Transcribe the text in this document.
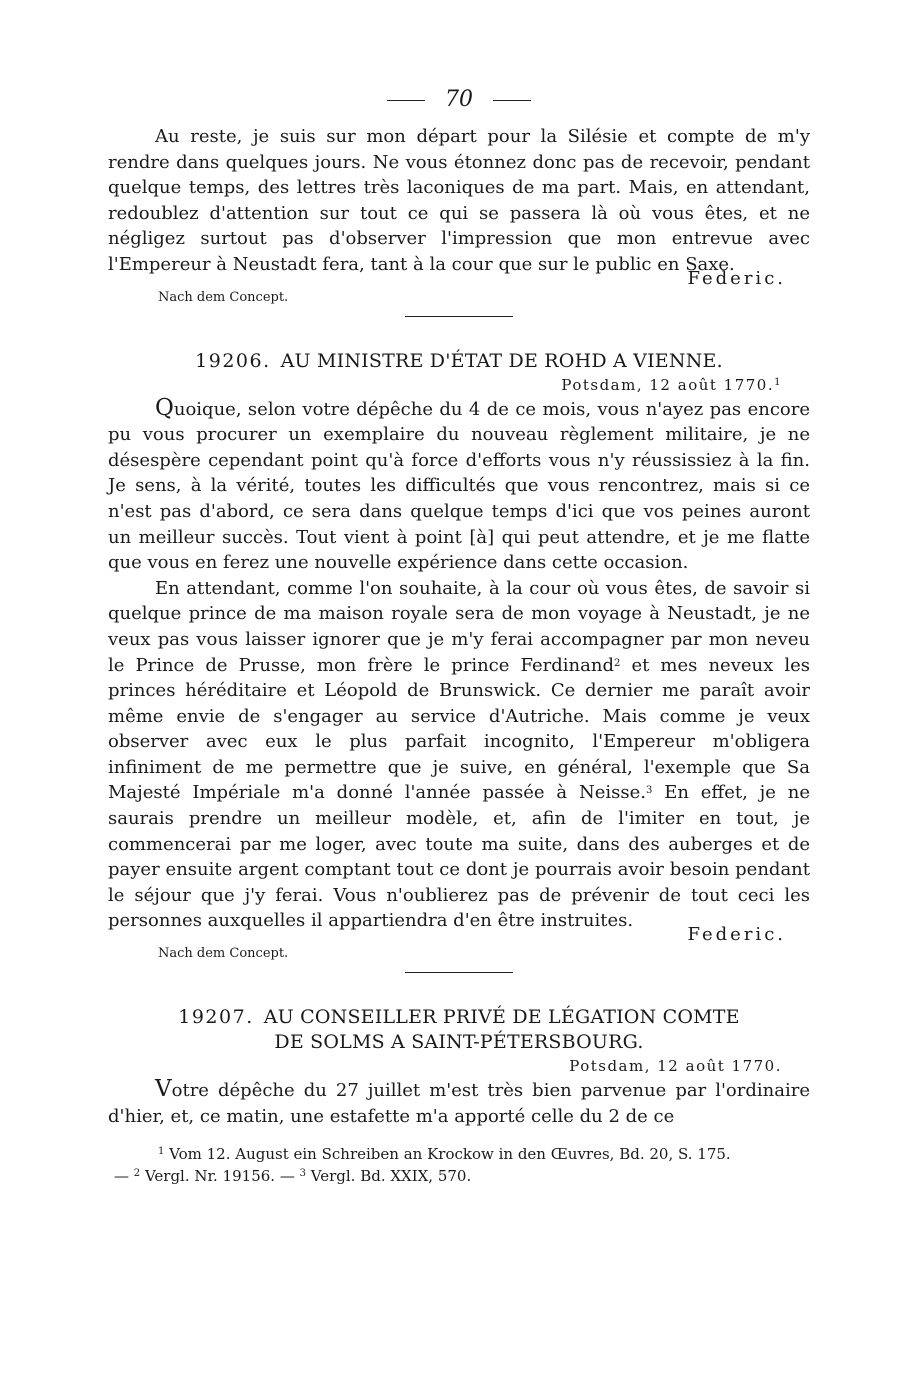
70

Au reste, je suis sur mon départ pour la Silésie et compte de m'y rendre dans quelques jours. Ne vous étonnez donc pas de recevoir, pendant quelque temps, des lettres très laconiques de ma part. Mais, en attendant, redoublez d'attention sur tout ce qui se passera là où vous êtes, et ne négligez surtout pas d'observer l'impression que mon entrevue avec l'Empereur à Neustadt fera, tant à la cour que sur le public en Saxe.

Federic.
Nach dem Concept.
19206. AU MINISTRE D'ÉTAT DE ROHD A VIENNE.
Potsdam, 12 août 1770.$^1$

Quoique, selon votre dépêche du 4 de ce mois, vous n'ayez pas encore pu vous procurer un exemplaire du nouveau règlement militaire, je ne désespère cependant point qu'à force d'efforts vous n'y réussissiez à la fin. Je sens, à la vérité, toutes les difficultés que vous rencontrez, mais si ce n'est pas d'abord, ce sera dans quelque temps d'ici que vos peines auront un meilleur succès. Tout vient à point [à] qui peut attendre, et je me flatte que vous en ferez une nouvelle expérience dans cette occasion.

En attendant, comme l'on souhaite, à la cour où vous êtes, de savoir si quelque prince de ma maison royale sera de mon voyage à Neustadt, je ne veux pas vous laisser ignorer que je m'y ferai accompagner par mon neveu le Prince de Prusse, mon frère le prince Ferdinand$^2$ et mes neveux les princes héréditaire et Léopold de Brunswick. Ce dernier me paraît avoir même envie de s'engager au service d'Autriche. Mais comme je veux observer avec eux le plus parfait incognito, l'Empereur m'obligera infiniment de me permettre que je suive, en général, l'exemple que Sa Majesté Impériale m'a donné l'année passée à Neisse.$^3$ En effet, je ne saurais prendre un meilleur modèle, et, afin de l'imiter en tout, je commencerai par me loger, avec toute ma suite, dans des auberges et de payer ensuite argent comptant tout ce dont je pourrais avoir besoin pendant le séjour que j'y ferai. Vous n'oublierez pas de prévenir de tout ceci les personnes auxquelles il appartiendra d'en être instruites.

Federic.
Nach dem Concept.
19207. AU CONSEILLER PRIVÉ DE LÉGATION COMTE
DE SOLMS A SAINT-PÉTERSBOURG.
Potsdam, 12 août 1770.

Votre dépêche du 27 juillet m'est très bien parvenue par l'ordinaire d'hier, et, ce matin, une estafette m'a apporté celle du 2 de ce

$^1$ Vom 12. August ein Schreiben an Krockow in den Œuvres, Bd. 20, S. 175.

— $^2$ Vergl. Nr. 19156. — $^3$ Vergl. Bd. XXIX, 570.
